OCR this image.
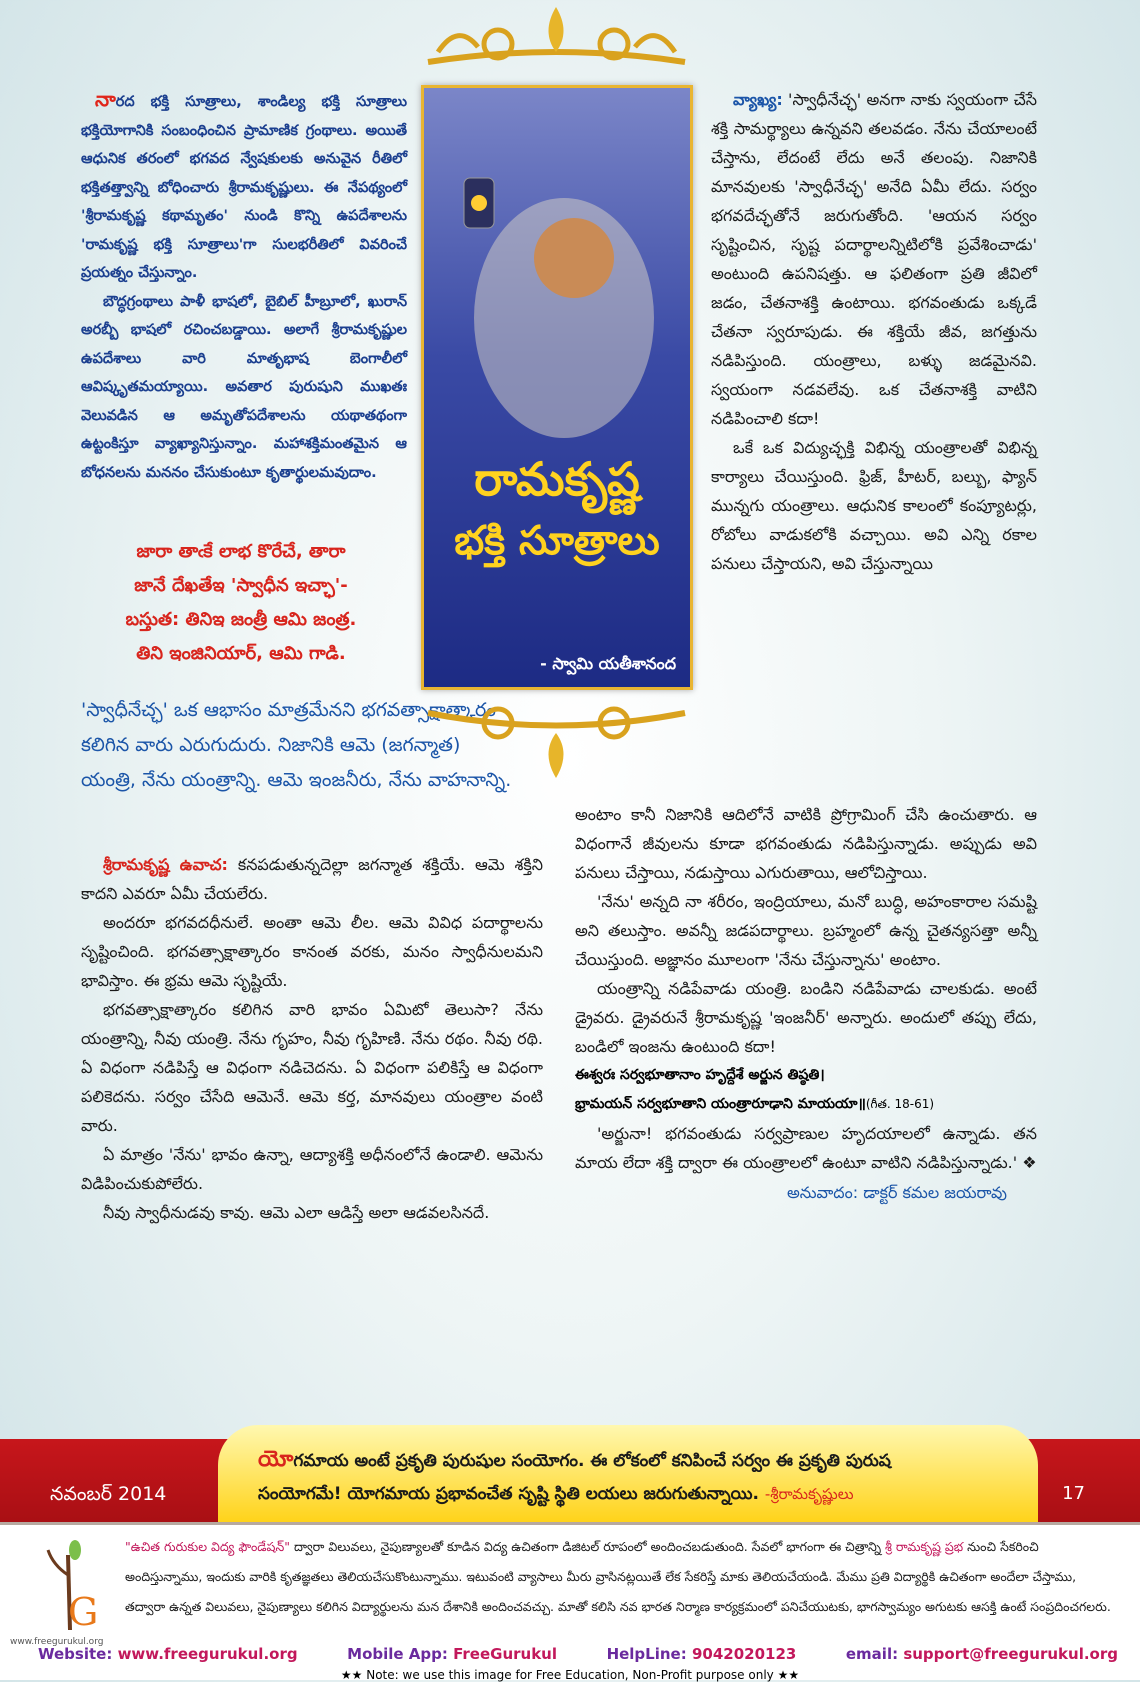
నారద భక్తి సూత్రాలు, శాండిల్య భక్తి సూత్రాలు భక్తియోగానికి సంబంధించిన ప్రామాణిక గ్రంథాలు. అయితే ఆధునిక తరంలో భగవద న్వేషకులకు అనువైన రీతిలో భక్తితత్త్వాన్ని బోధించారు శ్రీరామకృష్ణులు. ఈ నేపథ్యంలో 'శ్రీరామకృష్ణ కథామృతం' నుండి కొన్ని ఉపదేశాలను 'రామకృష్ణ భక్తి సూత్రాలు'గా సులభరీతిలో వివరించే ప్రయత్నం చేస్తున్నాం.
బౌద్ధగ్రంథాలు పాళీ భాషలో, బైబిల్ హీబ్రూలో, ఖురాన్ అరబ్బీ భాషలో రచించబడ్డాయి. అలాగే శ్రీరామకృష్ణుల ఉపదేశాలు వారి మాతృభాష బెంగాలీలో ఆవిష్కృతమయ్యాయి. అవతార పురుషుని ముఖతః వెలువడిన ఆ అమృతోపదేశాలను యథాతథంగా ఉట్టంకిస్తూ వ్యాఖ్యానిస్తున్నాం. మహాశక్తిమంతమైన ఆ బోధనలను మననం చేసుకుంటూ కృతార్థులమవుదాం.
జారా తాఁకే లాభ కొరేచే, తారా
జానే దేఖతేఇ 'స్వాధీన ఇచ్ఛా'-
బస్తుత: తినిఇ జంత్రీ ఆమి జంత్ర.
తిని ఇంజినియార్, ఆమి గాడి.
'స్వాధీనేచ్ఛ' ఒక ఆభాసం మాత్రమేనని భగవత్సాక్షాత్కారం కలిగిన వారు ఎరుగుదురు. నిజానికి ఆమె (జగన్మాత) యంత్రి, నేను యంత్రాన్ని. ఆమె ఇంజనీరు, నేను వాహనాన్ని.
రామకృష్ణ
భక్తి సూత్రాలు
- స్వామి యతీశానంద
వ్యాఖ్య: 'స్వాధీనేచ్ఛ' అనగా నాకు స్వయంగా చేసే శక్తి సామర్థ్యాలు ఉన్నవని తలవడం. నేను చేయాలంటే చేస్తాను, లేదంటే లేదు అనే తలంపు. నిజానికి మానవులకు 'స్వాధీనేచ్ఛ' అనేది ఏమీ లేదు. సర్వం భగవదేచ్ఛతోనే జరుగుతోంది. 'ఆయన సర్వం సృష్టించిన, సృష్ట పదార్థాలన్నిటిలోకి ప్రవేశించాడు' అంటుంది ఉపనిషత్తు. ఆ ఫలితంగా ప్రతి జీవిలో జడం, చేతనాశక్తి ఉంటాయి. భగవంతుడు ఒక్కడే చేతనా స్వరూపుడు. ఈ శక్తియే జీవ, జగత్తును నడిపిస్తుంది. యంత్రాలు, బళ్ళు జడమైనవి. స్వయంగా నడవలేవు. ఒక చేతనాశక్తి వాటిని నడిపించాలి కదా!
ఒకే ఒక విద్యుచ్ఛక్తి విభిన్న యంత్రాలతో విభిన్న కార్యాలు చేయిస్తుంది. ఫ్రిజ్, హీటర్, బల్బు, ఫ్యాన్ మున్నగు యంత్రాలు. ఆధునిక కాలంలో కంప్యూటర్లు, రోబోలు వాడుకలోకి వచ్చాయి. అవి ఎన్ని రకాల పనులు చేస్తాయని, అవి చేస్తున్నాయి
అంటాం కానీ నిజానికి ఆదిలోనే వాటికి ప్రోగ్రామింగ్ చేసి ఉంచుతారు. ఆ విధంగానే జీవులను కూడా భగవంతుడు నడిపిస్తున్నాడు. అప్పుడు అవి పనులు చేస్తాయి, నడుస్తాయి ఎగురుతాయి, ఆలోచిస్తాయి.
'నేను' అన్నది నా శరీరం, ఇంద్రియాలు, మనో బుద్ధి, అహంకారాల సమష్టి అని తలుస్తాం. అవన్నీ జడపదార్థాలు. బ్రహ్మంలో ఉన్న చైతన్యసత్తా అన్నీ చేయిస్తుంది. అజ్ఞానం మూలంగా 'నేను చేస్తున్నాను' అంటాం.
యంత్రాన్ని నడిపేవాడు యంత్రి. బండిని నడిపేవాడు చాలకుడు. అంటే డ్రైవరు. డ్రైవరునే శ్రీరామకృష్ణ 'ఇంజనీర్' అన్నారు. అందులో తప్పు లేదు, బండిలో ఇంజను ఉంటుంది కదా!
ఈశ్వరః సర్వభూతానాం హృద్దేశే అర్జున తిష్ఠతి।
భ్రామయన్ సర్వభూతాని యంత్రారూఢాని మాయయా॥(గీత. 18-61)
'అర్జునా! భగవంతుడు సర్వప్రాణుల హృదయాలలో ఉన్నాడు. తన మాయ లేదా శక్తి ద్వారా ఈ యంత్రాలలో ఉంటూ వాటిని నడిపిస్తున్నాడు.' ❖
అనువాదం: డాక్టర్ కమల జయరావు
శ్రీరామకృష్ణ ఉవాచ: కనపడుతున్నదెల్లా జగన్మాత శక్తియే. ఆమె శక్తిని కాదని ఎవరూ ఏమీ చేయలేరు.
అందరూ భగవదధీనులే. అంతా ఆమె లీల. ఆమె వివిధ పదార్థాలను సృష్టించింది. భగవత్సాక్షాత్కారం కానంత వరకు, మనం స్వాధీనులమని భావిస్తాం. ఈ భ్రమ ఆమె సృష్టియే.
భగవత్సాక్షాత్కారం కలిగిన వారి భావం ఏమిటో తెలుసా? నేను యంత్రాన్ని, నీవు యంత్రి. నేను గృహం, నీవు గృహిణి. నేను రథం. నీవు రథి. ఏ విధంగా నడిపిస్తే ఆ విధంగా నడిచెదను. ఏ విధంగా పలికిస్తే ఆ విధంగా పలికెదను. సర్వం చేసేది ఆమెనే. ఆమె కర్త, మానవులు యంత్రాల వంటి వారు.
ఏ మాత్రం 'నేను' భావం ఉన్నా, ఆద్యాశక్తి అధీనంలోనే ఉండాలి. ఆమెను విడిపించుకుపోలేరు.
నీవు స్వాధీనుడవు కావు. ఆమె ఎలా ఆడిస్తే అలా ఆడవలసినదే.
నవంబర్ 2014	17
యోగమాయ అంటే ప్రకృతి పురుషుల సంయోగం. ఈ లోకంలో కనిపించే సర్వం ఈ ప్రకృతి పురుష
సంయోగమే! యోగమాయ ప్రభావంచేత సృష్టి స్థితి లయలు జరుగుతున్నాయి. -శ్రీరామకృష్ణులు
G
www.freegurukul.org
"ఉచిత గురుకుల విద్య ఫౌండేషన్" ద్వారా విలువలు, నైపుణ్యాలతో కూడిన విద్య ఉచితంగా డిజిటల్ రూపంలో అందించబడుతుంది. సేవలో భాగంగా ఈ చిత్రాన్ని శ్రీ రామకృష్ణ ప్రభ నుంచి సేకరించి అందిస్తున్నాము, ఇందుకు వారికి కృతజ్ఞతలు తెలియచేసుకొంటున్నాము. ఇటువంటి వ్యాసాలు మీరు వ్రాసినట్లయితే లేక సేకరిస్తే మాకు తెలియచేయండి. మేము ప్రతి విద్యార్థికి ఉచితంగా అందేలా చేస్తాము, తద్వారా ఉన్నత విలువలు, నైపుణ్యాలు కలిగిన విద్యార్థులను మన దేశానికి అందించవచ్చు. మాతో కలిసి నవ భారత నిర్మాణ కార్యక్రమంలో పనిచేయుటకు, భాగస్వామ్యం అగుటకు ఆసక్తి ఉంటే సంప్రదించగలరు.
Website: www.freegurukul.org	Mobile App: FreeGurukul	HelpLine: 9042020123	email: support@freegurukul.org
★★ Note: we use this image for Free Education, Non-Profit purpose only ★★
